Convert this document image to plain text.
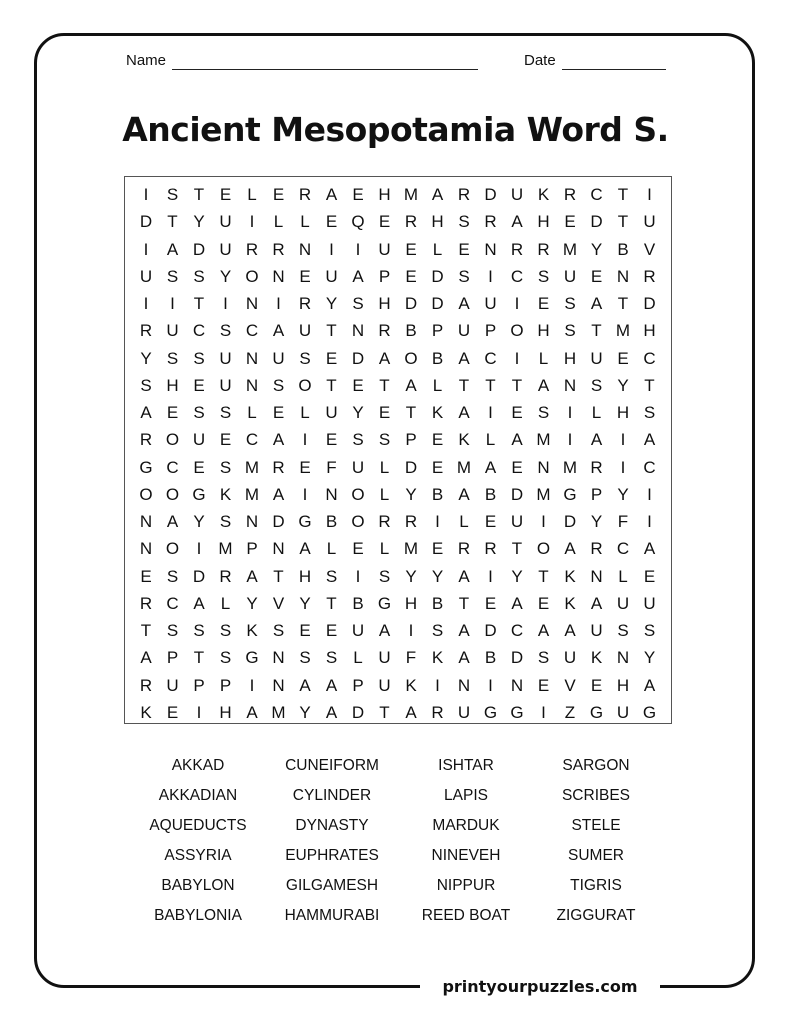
Name	Date
Ancient Mesopotamia Word S.
I	S T E L E R A E H M A R D U K R C T	I
D T Y U	I	L	L E Q E R H S R A H E D T U
I	A D U R R N	I	I	U E L E N R R M Y B V
U S S Y O N E U A P E D S	I	C S U E N R
I	I	T	I	N	I	R Y S H D D A U	I	E S A T D
R U C S C A U T N R B P U P O H S T M H
Y S S U N U S E D A O B A C	I	L H U E C
S H E U N S O T E T A L T T T A N S Y T
A E S S L E L U Y E T K A	I	E S	I	L H S
R O U E C A	I	E S S P E K L A M	I	A	I	A
G C E S M R E F U L D E M A E N M R	I	C
O O G K M A	I	N O L Y B A B D M G P Y	I
N A Y S N D G B O R R	I	L E U	I	D Y F	I
N O	I	M P N A L E L M E R R T O A R C A
E S D R A T H S	I	S Y Y A	I	Y T K N L E
R C A L Y V Y T B G H B T E A E K A U U
T S S S K S E E U A	I	S A D C A A U S S
A P T S G N S S L U F K A B D S U K N Y
R U P P	I	N A A P U K	I	N	I	N E V E H A
K E	I	H A M Y A D T A R U G G	I	Z G U G
AKKAD	CUNEIFORM	ISHTAR	SARGON
AKKADIAN	CYLINDER	LAPIS	SCRIBES
AQUEDUCTS	DYNASTY	MARDUK	STELE
ASSYRIA	EUPHRATES	NINEVEH	SUMER
BABYLON	GILGAMESH	NIPPUR	TIGRIS
BABYLONIA	HAMMURABI	REED BOAT	ZIGGURAT
printyourpuzzles.com
